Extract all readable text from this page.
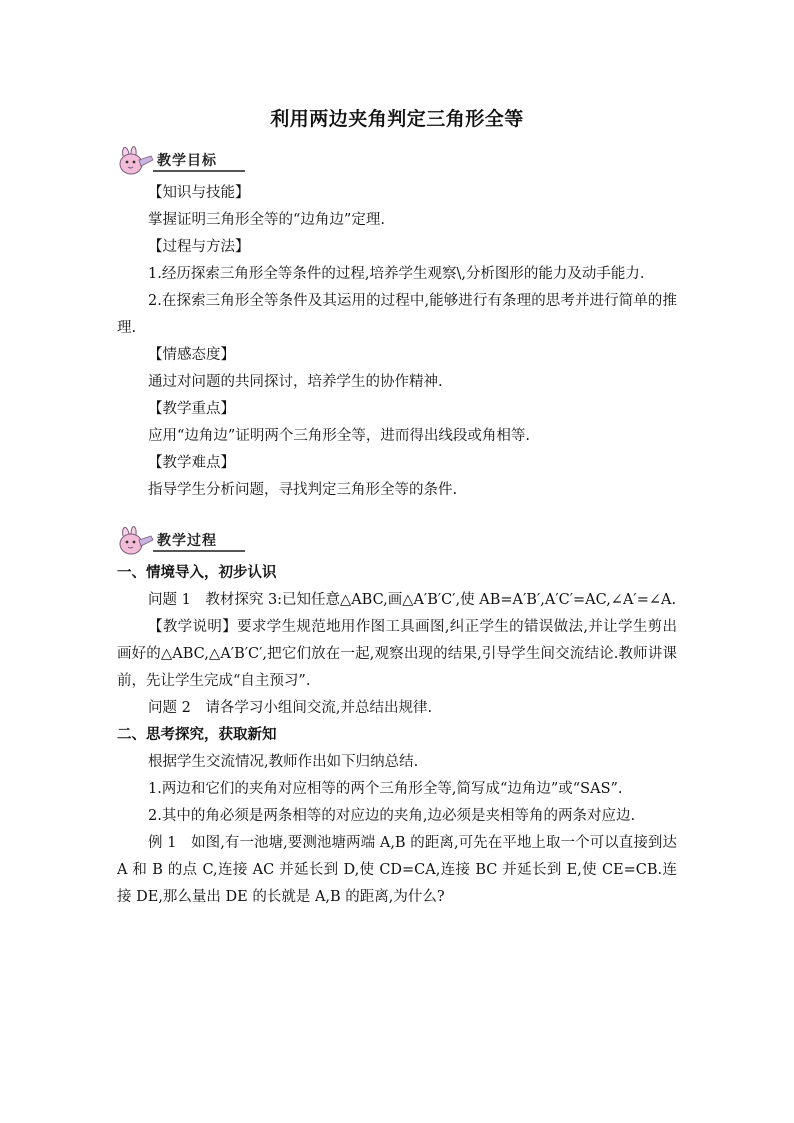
利用两边夹角判定三角形全等
教学目标

【知识与技能】

掌握证明三角形全等的“边角边”定理.

【过程与方法】

1.经历探索三角形全等条件的过程,培养学生观察\,分析图形的能力及动手能力.

2.在探索三角形全等条件及其运用的过程中,能够进行有条理的思考并进行简单的推理.

【情感态度】

通过对问题的共同探讨，培养学生的协作精神.

【教学重点】

应用“边角边”证明两个三角形全等，进而得出线段或角相等.

【教学难点】

指导学生分析问题，寻找判定三角形全等的条件.

教学过程

一、情境导入，初步认识

问题 1　教材探究 3:已知任意△ABC,画△A′B′C′,使 AB=A′B′,A′C′=AC,∠A′=∠A.

【教学说明】要求学生规范地用作图工具画图,纠正学生的错误做法,并让学生剪出画好的△ABC,△A′B′C′,把它们放在一起,观察出现的结果,引导学生间交流结论.教师讲课前，先让学生完成“自主预习”.

问题 2　请各学习小组间交流,并总结出规律.

二、思考探究，获取新知

根据学生交流情况,教师作出如下归纳总结.

1.两边和它们的夹角对应相等的两个三角形全等,简写成“边角边”或“SAS”.

2.其中的角必须是两条相等的对应边的夹角,边必须是夹相等角的两条对应边.

例 1　如图,有一池塘,要测池塘两端 A,B 的距离,可先在平地上取一个可以直接到达 A 和 B 的点 C,连接 AC 并延长到 D,使 CD=CA,连接 BC 并延长到 E,使 CE=CB.连接 DE,那么量出 DE 的长就是 A,B 的距离,为什么?
